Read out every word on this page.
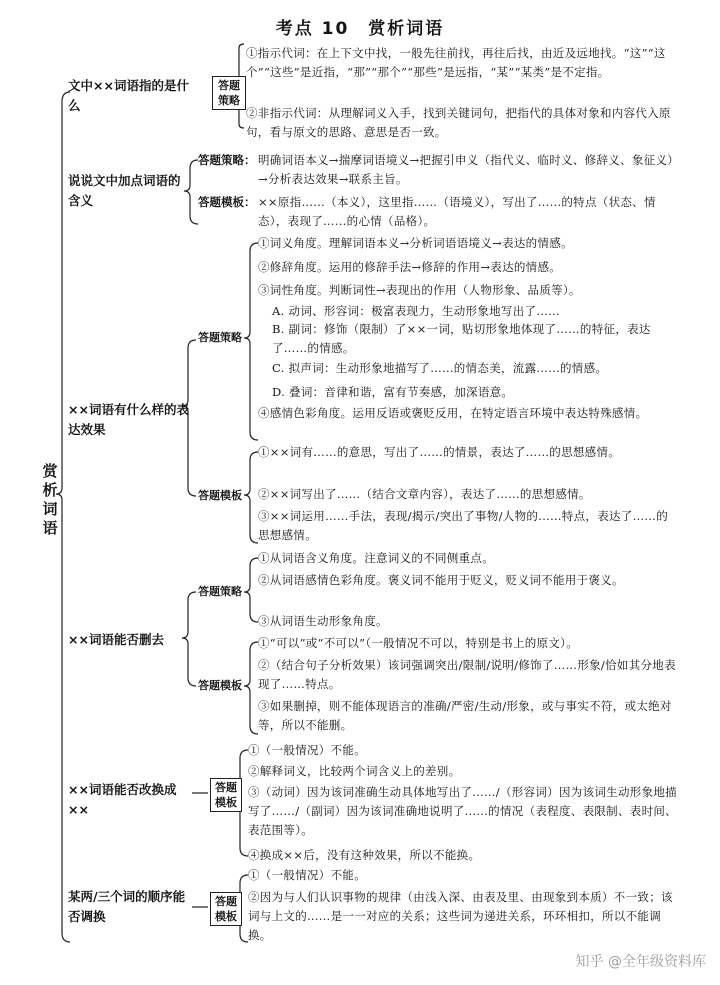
考点 10　赏析词语
赏析词语
文中××词语指的是什么
答题策略
①指示代词：在上下文中找，一般先往前找，再往后找，由近及远地找。“这”“这个”“这些”是近指，“那”“那个”“那些”是远指，“某”“某类”是不定指。
②非指示代词：从理解词义入手，找到关键词句，把指代的具体对象和内容代入原句，看与原文的思路、意思是否一致。
说说文中加点词语的含义
答题策略： 明确词语本义→揣摩词语境义→把握引申义（指代义、临时义、修辞义、象征义）→分析表达效果→联系主旨。
答题模板： ××原指……（本义），这里指……（语境义），写出了……的特点（状态、情态），表现了……的心情（品格）。
××词语有什么样的表达效果
答题策略
①词义角度。理解词语本义→分析词语语境义→表达的情感。
②修辞角度。运用的修辞手法→修辞的作用→表达的情感。
③词性角度。判断词性→表现出的作用（人物形象、品质等）。
A. 动词、形容词：极富表现力，生动形象地写出了……
B. 副词：修饰（限制）了××一词，贴切形象地体现了……的特征，表达了……的情感。
C. 拟声词：生动形象地描写了……的情态美，流露……的情感。
D. 叠词：音律和谐，富有节奏感，加深语意。
④感情色彩角度。运用反语或褒贬反用，在特定语言环境中表达特殊感情。
答题模板
①××词有……的意思，写出了……的情景，表达了……的思想感情。
②××词写出了……（结合文章内容），表达了……的思想感情。
③××词运用……手法，表现/揭示/突出了事物/人物的……特点，表达了……的思想感情。
××词语能否删去
答题策略
①从词语含义角度。注意词义的不同侧重点。
②从词语感情色彩角度。褒义词不能用于贬义，贬义词不能用于褒义。
③从词语生动形象角度。
答题模板
①“可以”或“不可以”（一般情况不可以，特别是书上的原文）。
②（结合句子分析效果）该词强调突出/限制/说明/修饰了……形象/恰如其分地表现了……特点。
③如果删掉，则不能体现语言的准确/严密/生动/形象，或与事实不符，或太绝对等，所以不能删。
××词语能否改换成××
答题模板
①（一般情况）不能。
②解释词义，比较两个词含义上的差别。
③（动词）因为该词准确生动具体地写出了……/（形容词）因为该词生动形象地描写了……/（副词）因为该词准确地说明了……的情况（表程度、表限制、表时间、表范围等）。
④换成××后，没有这种效果，所以不能换。
某两/三个词的顺序能否调换
答题模板
①（一般情况）不能。
②因为与人们认识事物的规律（由浅入深、由表及里、由现象到本质）不一致；该词与上文的……是一一对应的关系；这些词为递进关系，环环相扣，所以不能调换。
知乎 @全年级资料库
